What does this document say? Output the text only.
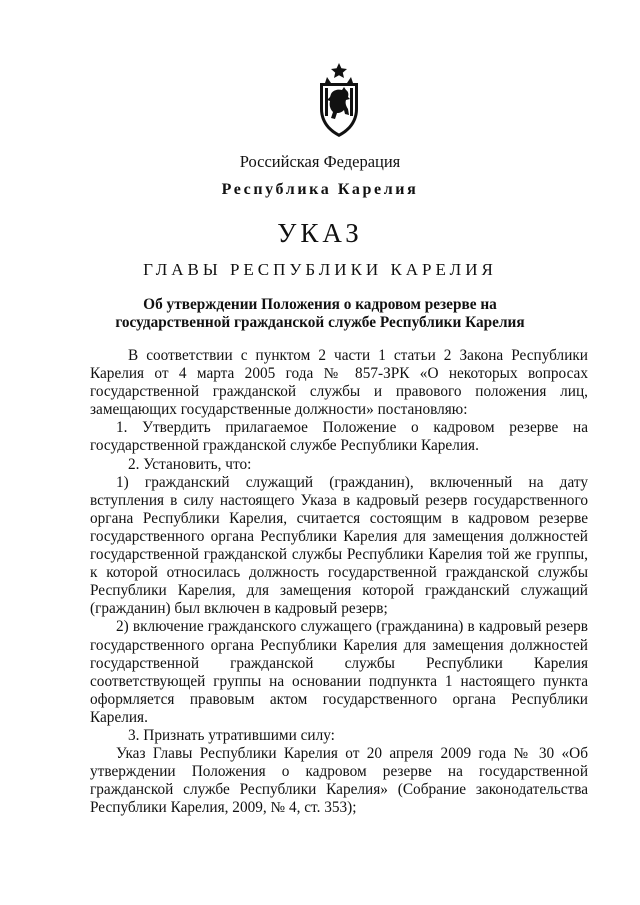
Российская Федерация
Республика Карелия
УКАЗ
ГЛАВЫ РЕСПУБЛИКИ КАРЕЛИЯ
Об утверждении Положения о кадровом резерве на
государственной гражданской службе Республики Карелия

В соответствии с пунктом 2 части 1 статьи 2 Закона Республики Карелия от 4 марта 2005 года № 857-ЗРК «О некоторых вопросах государственной гражданской службы и правового положения лиц, замещающих государственные должности» постановляю:

1. Утвердить прилагаемое Положение о кадровом резерве на государственной гражданской службе Республики Карелия.

2. Установить, что:

1) гражданский служащий (гражданин), включенный на дату вступления в силу настоящего Указа в кадровый резерв государственного органа Республики Карелия, считается состоящим в кадровом резерве государственного органа Республики Карелия для замещения должностей государственной гражданской службы Республики Карелия той же группы, к которой относилась должность государственной гражданской службы Республики Карелия, для замещения которой гражданский служащий (гражданин) был включен в кадровый резерв;

2) включение гражданского служащего (гражданина) в кадровый резерв государственного органа Республики Карелия для замещения должностей государственной гражданской службы Республики Карелия соответствующей группы на основании подпункта 1 настоящего пункта оформляется правовым актом государственного органа Республики Карелия.

3. Признать утратившими силу:

Указ Главы Республики Карелия от 20 апреля 2009 года № 30 «Об утверждении Положения о кадровом резерве на государственной гражданской службе Республики Карелия» (Собрание законодательства Республики Карелия, 2009, № 4, ст. 353);
